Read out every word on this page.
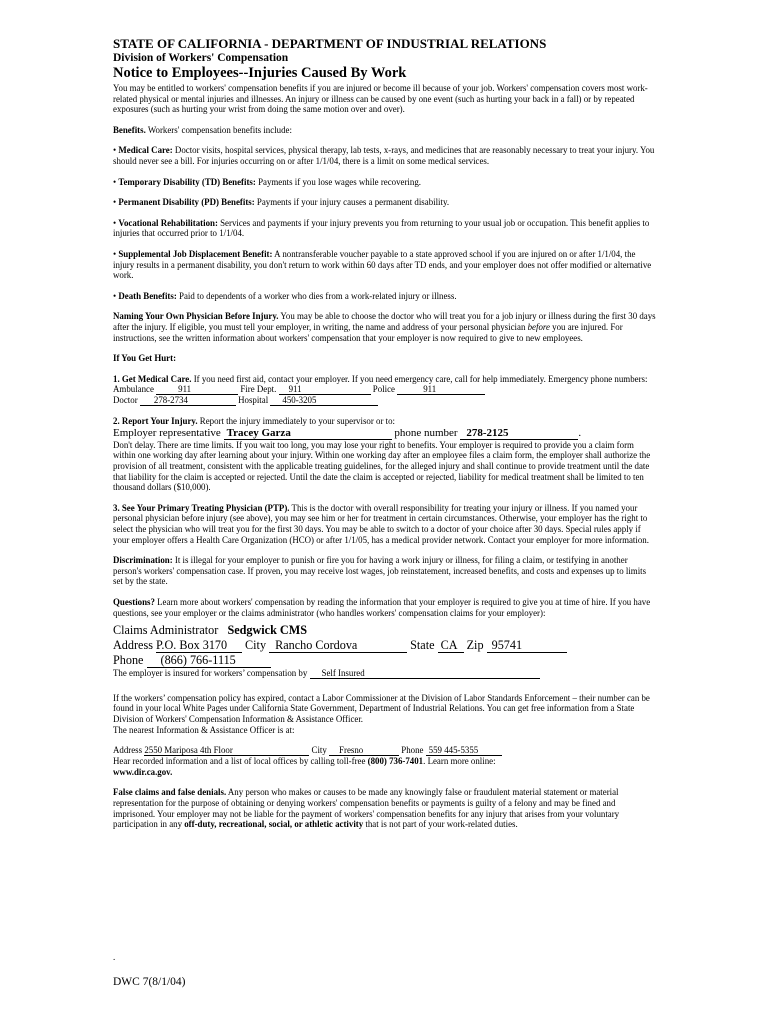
STATE OF CALIFORNIA - DEPARTMENT OF INDUSTRIAL RELATIONS
Division of Workers' Compensation
Notice to Employees--Injuries Caused By Work

You may be entitled to workers' compensation benefits if you are injured or become ill because of your job. Workers' compensation covers most work-related physical or mental injuries and illnesses. An injury or illness can be caused by one event (such as hurting your back in a fall) or by repeated exposures (such as hurting your wrist from doing the same motion over and over).

Benefits. Workers' compensation benefits include:

• Medical Care: Doctor visits, hospital services, physical therapy, lab tests, x-rays, and medicines that are reasonably necessary to treat your injury. You should never see a bill. For injuries occurring on or after 1/1/04, there is a limit on some medical services.

• Temporary Disability (TD) Benefits: Payments if you lose wages while recovering.

• Permanent Disability (PD) Benefits: Payments if your injury causes a permanent disability.

• Vocational Rehabilitation: Services and payments if your injury prevents you from returning to your usual job or occupation. This benefit applies to injuries that occurred prior to 1/1/04.

• Supplemental Job Displacement Benefit: A nontransferable voucher payable to a state approved school if you are injured on or after 1/1/04, the injury results in a permanent disability, you don't return to work within 60 days after TD ends, and your employer does not offer modified or alternative work.

• Death Benefits: Paid to dependents of a worker who dies from a work-related injury or illness.

Naming Your Own Physician Before Injury. You may be able to choose the doctor who will treat you for a job injury or illness during the first 30 days after the injury. If eligible, you must tell your employer, in writing, the name and address of your personal physician before you are injured. For instructions, see the written information about workers' compensation that your employer is now required to give to new employees.

If You Get Hurt:

1. Get Medical Care. If you need first aid, contact your employer. If you need emergency care, call for help immediately. Emergency phone numbers:

Ambulance	911	Fire Dept. 911	Police	911

Doctor 278-2734	Hospital 450-3205

2. Report Your Injury. Report the injury immediately to your supervisor or to:

Employer representative Tracey Garza	phone number 278-2125	.

Don't delay. There are time limits. If you wait too long, you may lose your right to benefits. Your employer is required to provide you a claim form within one working day after learning about your injury. Within one working day after an employee files a claim form, the employer shall authorize the provision of all treatment, consistent with the applicable treating guidelines, for the alleged injury and shall continue to provide treatment until the date that liability for the claim is accepted or rejected. Until the date the claim is accepted or rejected, liability for medical treatment shall be limited to ten thousand dollars ($10,000).

3. See Your Primary Treating Physician (PTP). This is the doctor with overall responsibility for treating your injury or illness. If you named your personal physician before injury (see above), you may see him or her for treatment in certain circumstances. Otherwise, your employer has the right to select the physician who will treat you for the first 30 days. You may be able to switch to a doctor of your choice after 30 days. Special rules apply if your employer offers a Health Care Organization (HCO) or after 1/1/05, has a medical provider network. Contact your employer for more information.

Discrimination: It is illegal for your employer to punish or fire you for having a work injury or illness, for filing a claim, or testifying in another person's workers' compensation case. If proven, you may receive lost wages, job reinstatement, increased benefits, and costs and expenses up to limits set by the state.

Questions? Learn more about workers' compensation by reading the information that your employer is required to give you at time of hire. If you have questions, see your employer or the claims administrator (who handles workers' compensation claims for your employer):

Claims Administrator Sedgwick CMS

Address P.O. Box 3170 City Rancho Cordova	State CA Zip 95741

Phone (866) 766-1115

The employer is insured for workers’ compensation by Self Insured

If the workers’ compensation policy has expired, contact a Labor Commissioner at the Division of Labor Standards Enforcement – their number can be found in your local White Pages under California State Government, Department of Industrial Relations. You can get free information from a State Division of Workers' Compensation Information & Assistance Officer.

The nearest Information & Assistance Officer is at:

Address 2550 Mariposa 4th Floor	City Fresno	Phone 559 445-5355

Hear recorded information and a list of local offices by calling toll-free (800) 736-7401. Learn more online:

www.dir.ca.gov.

False claims and false denials. Any person who makes or causes to be made any knowingly false or fraudulent material statement or material representation for the purpose of obtaining or denying workers' compensation benefits or payments is guilty of a felony and may be fined and imprisoned. Your employer may not be liable for the payment of workers' compensation benefits for any injury that arises from your voluntary participation in any off-duty, recreational, social, or athletic activity that is not part of your work-related duties.

.
DWC 7(8/1/04)
